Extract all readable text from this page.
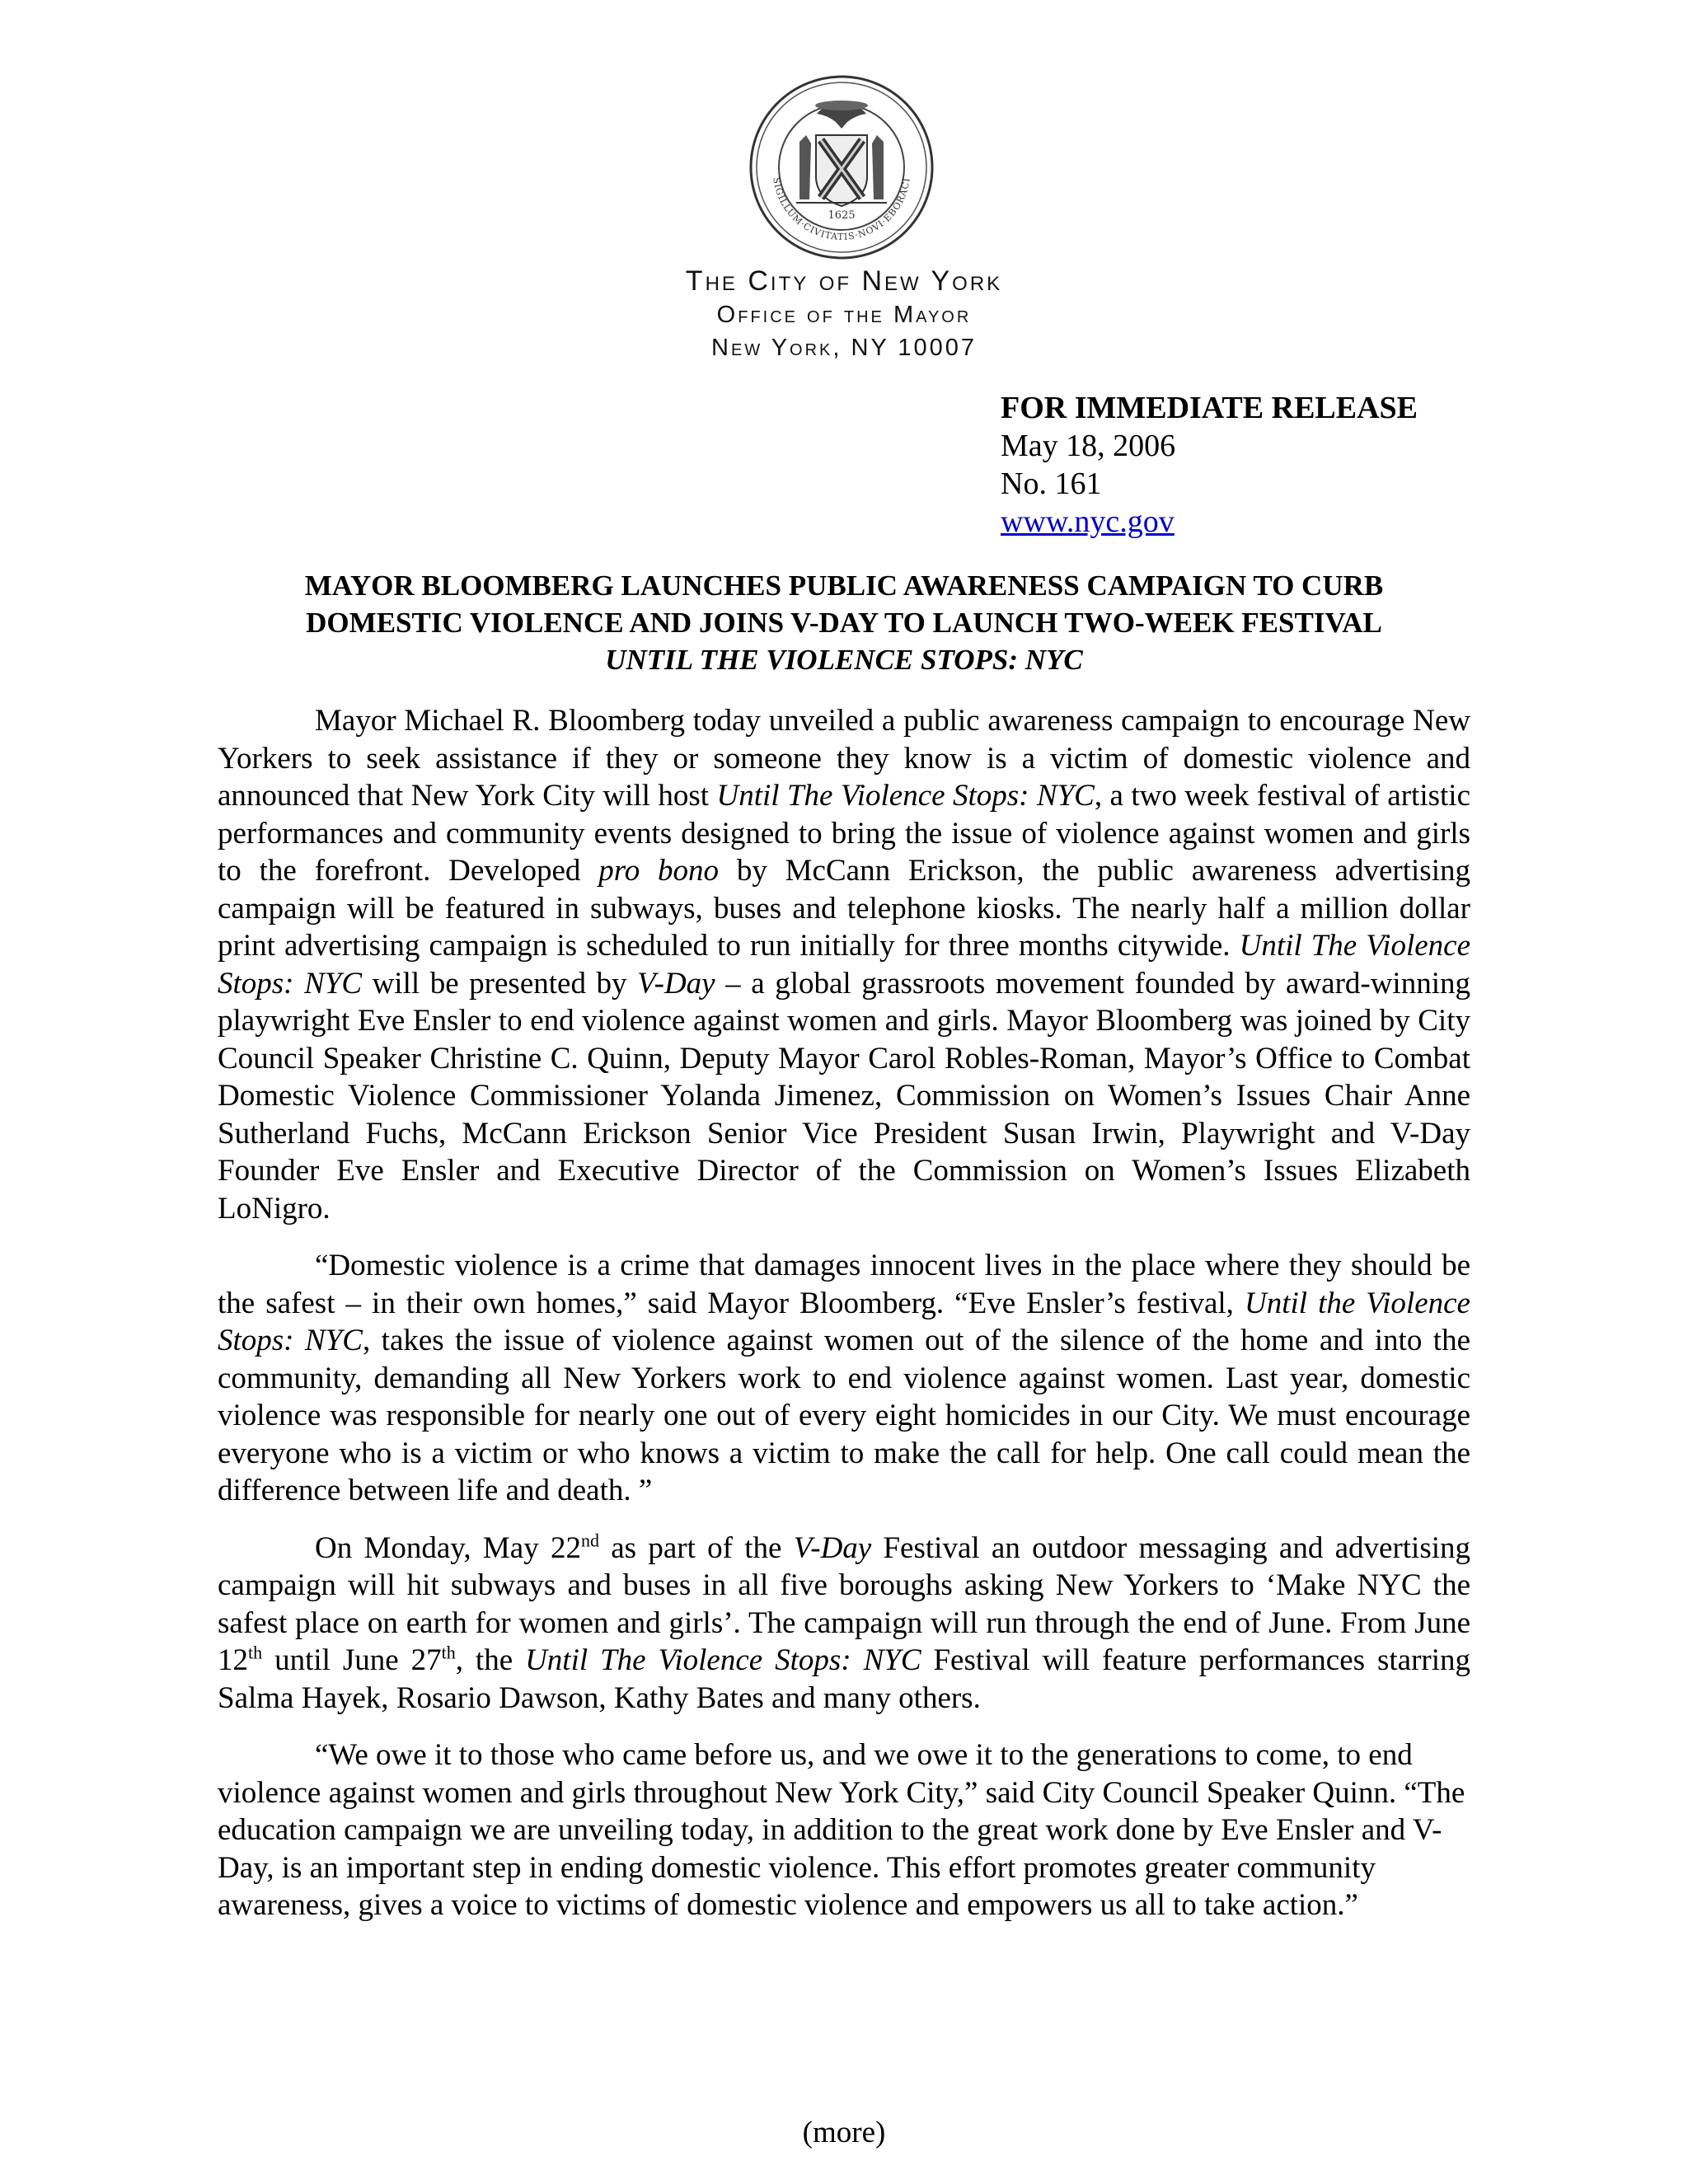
SIGILLUM·CIVITATIS·NOVI·EBORACI
1625
The City of New York
Office of the Mayor
New York, NY 10007
FOR IMMEDIATE RELEASE
May 18, 2006
No. 161
www.nyc.gov
MAYOR BLOOMBERG LAUNCHES PUBLIC AWARENESS CAMPAIGN TO CURB
DOMESTIC VIOLENCE AND JOINS V-DAY TO LAUNCH TWO-WEEK FESTIVAL
UNTIL THE VIOLENCE STOPS: NYC

Mayor Michael R. Bloomberg today unveiled a public awareness campaign to encourage New Yorkers to seek assistance if they or someone they know is a victim of domestic violence and announced that New York City will host Until The Violence Stops: NYC, a two week festival of artistic performances and community events designed to bring the issue of violence against women and girls to the forefront. Developed pro bono by McCann Erickson, the public awareness advertising campaign will be featured in subways, buses and telephone kiosks. The nearly half a million dollar print advertising campaign is scheduled to run initially for three months citywide. Until The Violence Stops: NYC will be presented by V-Day – a global grassroots movement founded by award-winning playwright Eve Ensler to end violence against women and girls. Mayor Bloomberg was joined by City Council Speaker Christine C. Quinn, Deputy Mayor Carol Robles-Roman, Mayor’s Office to Combat Domestic Violence Commissioner Yolanda Jimenez, Commission on Women’s Issues Chair Anne Sutherland Fuchs, McCann Erickson Senior Vice President Susan Irwin, Playwright and V-Day Founder Eve Ensler and Executive Director of the Commission on Women’s Issues Elizabeth LoNigro.

“Domestic violence is a crime that damages innocent lives in the place where they should be the safest – in their own homes,” said Mayor Bloomberg. “Eve Ensler’s festival, Until the Violence Stops: NYC, takes the issue of violence against women out of the silence of the home and into the community, demanding all New Yorkers work to end violence against women. Last year, domestic violence was responsible for nearly one out of every eight homicides in our City. We must encourage everyone who is a victim or who knows a victim to make the call for help. One call could mean the difference between life and death. ”

On Monday, May 22nd as part of the V-Day Festival an outdoor messaging and advertising campaign will hit subways and buses in all five boroughs asking New Yorkers to ‘Make NYC the safest place on earth for women and girls’. The campaign will run through the end of June. From June 12th until June 27th, the Until The Violence Stops: NYC Festival will feature performances starring Salma Hayek, Rosario Dawson, Kathy Bates and many others.

“We owe it to those who came before us, and we owe it to the generations to come, to end violence against women and girls throughout New York City,” said City Council Speaker Quinn. “The education campaign we are unveiling today, in addition to the great work done by Eve Ensler and V-Day, is an important step in ending domestic violence. This effort promotes greater community awareness, gives a voice to victims of domestic violence and empowers us all to take action.”

(more)
